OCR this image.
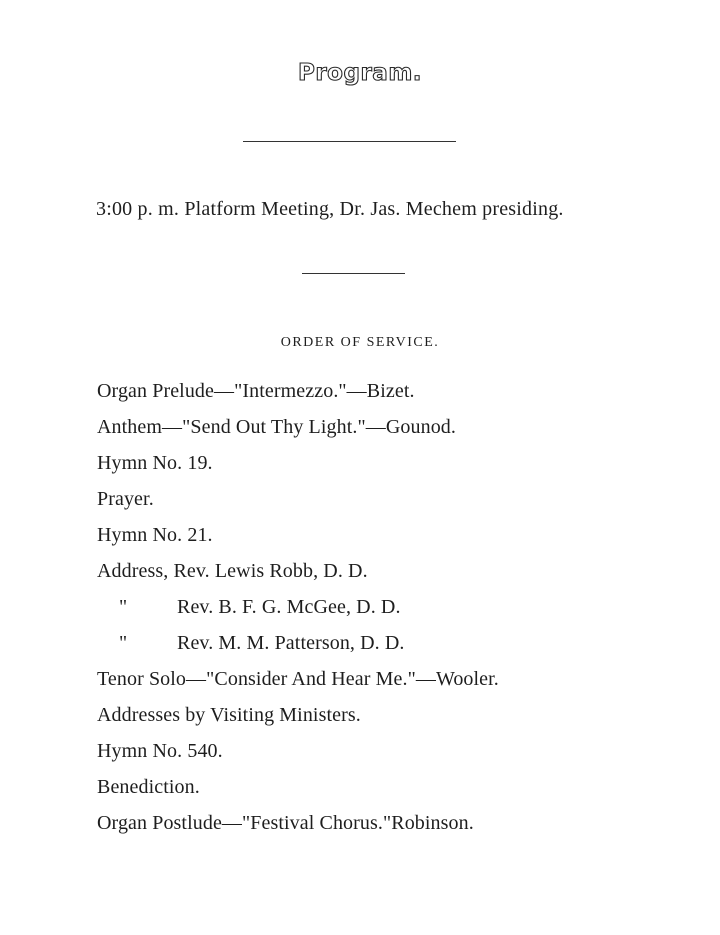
Program.
3:00 p. m. Platform Meeting, Dr. Jas. Mechem presiding.
ORDER OF SERVICE.
Organ Prelude—"Intermezzo."—Bizet.
Anthem—"Send Out Thy Light."—Gounod.
Hymn No. 19.
Prayer.
Hymn No. 21.
Address, Rev. Lewis Robb, D. D.
" Rev. B. F. G. McGee, D. D.
" Rev. M. M. Patterson, D. D.
Tenor Solo—"Consider And Hear Me."—Wooler.
Addresses by Visiting Ministers.
Hymn No. 540.
Benediction.
Organ Postlude—"Festival Chorus."Robinson.
